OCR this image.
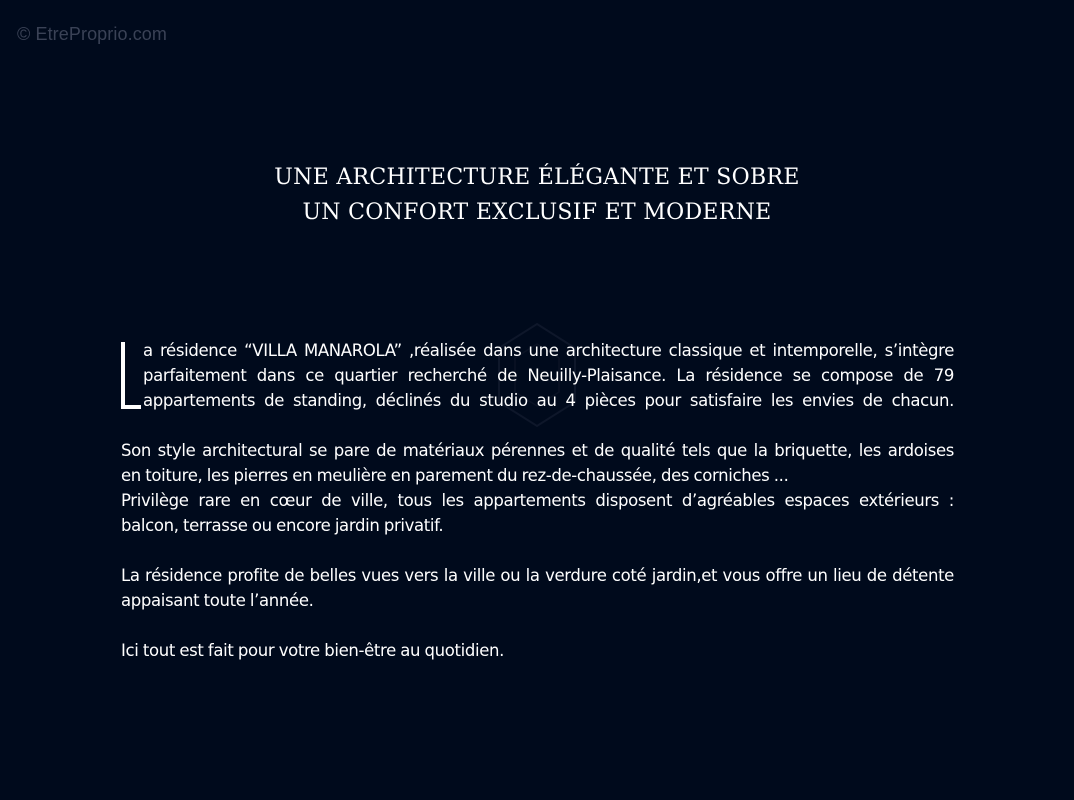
© EtreProprio.com
UNE ARCHITECTURE ÉLÉGANTE ET SOBRE
UN CONFORT EXCLUSIF ET MODERNE
a résidence “VILLA MANAROLA” ,réalisée dans une architecture classique et intemporelle, s’intègre
parfaitement dans ce quartier recherché de Neuilly-Plaisance. La résidence se compose de 79
appartements de standing, déclinés du studio au 4 pièces pour satisfaire les envies de chacun.
Son style architectural se pare de matériaux pérennes et de qualité tels que la briquette, les ardoises
en toiture, les pierres en meulière en parement du rez-de-chaussée, des corniches ...
Privilège rare en cœur de ville, tous les appartements disposent d’agréables espaces extérieurs :
balcon, terrasse ou encore jardin privatif.
La résidence profite de belles vues vers la ville ou la verdure coté jardin,et vous offre un lieu de détente
appaisant toute l’année.
Ici tout est fait pour votre bien-être au quotidien.
